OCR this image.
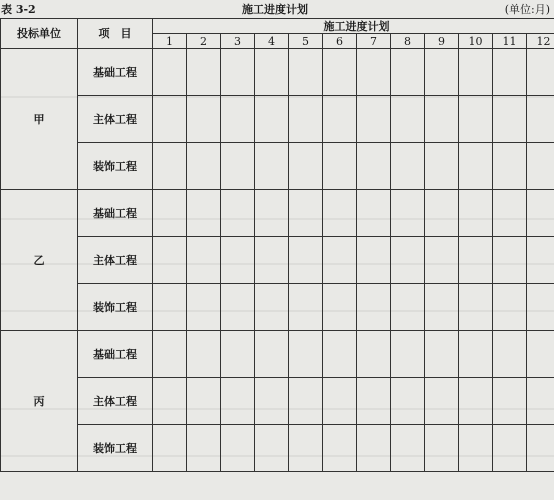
表 3-2	施工进度计划	(单位:月)
投标单位	项　目	施工进度计划											
		1	2	3	4	5	6	7	8	9	10	11	12
甲	基础工程												
	主体工程												
	装饰工程												
乙	基础工程												
	主体工程												
	装饰工程												
丙	基础工程												
	主体工程												
	装饰工程												
